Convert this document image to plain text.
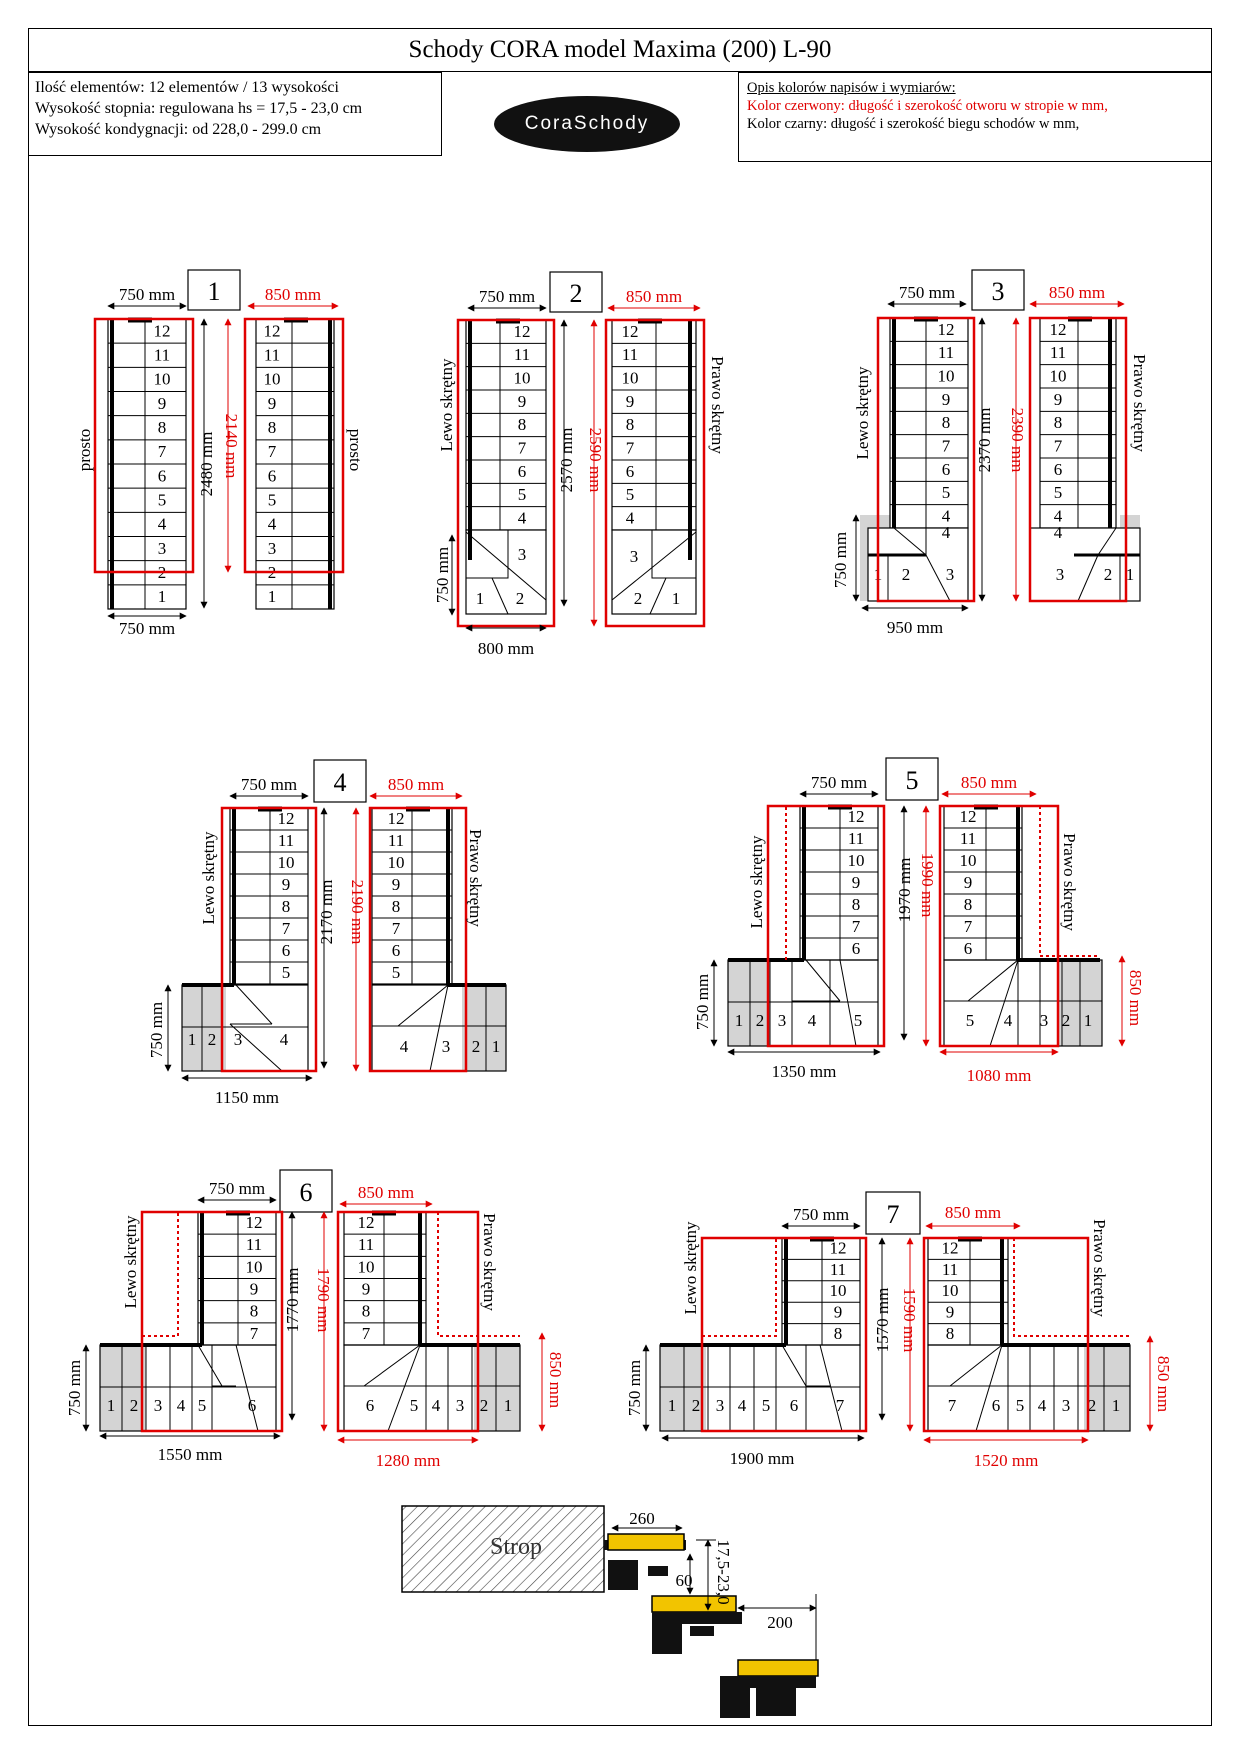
Schody CORA model Maxima (200) L-90
Ilość elementów: 12 elementów / 13 wysokości
Wysokość stopnia: regulowana hs = 17,5 - 23,0 cm
Wysokość kondygnacji: od 228,0 - 299.0 cm	CoraSchody
Opis kolorów napisów i wymiarów:
Kolor czerwony: długość i szerokość otworu w stropie w mm,
Kolor czarny: długość i szerokość biegu schodów w mm,
1
750 mm	850 mm
12
11
10
9
8
7
6
5
4
3
2
1
12
11
10
9
8
7
6
5
4
3
2
1
2480 mm 2140 mm
prosto	prosto
750 mm
2
750 mm	850 mm
12
11
10
9
8
7
6
5
4
3
1 2
12
11
10
9
8
7
6
5
4
3
2 1
2570 mm 2590 mm
Lewo skrętny	Prawo skrętny
750 mm
800 mm
3
750 mm	850 mm
12
11
10
9
8
7
6
5
4
1 2 3
4
12
11
10
9
8
7
6
5
4
3 2 1
4
2370 mm 2390 mm
Lewo skrętny	Prawo skrętny
750 mm
950 mm
4
750 mm	850 mm
12
11
10
9
8
7
6
5
1 2 3 4
12
11
10
9
8
7
6
5
4 3 2 1
2170 mm 2190 mm
Lewo skrętny	Prawo skrętny
750 mm
1150 mm
5
750 mm	850 mm
12
11
10
9
8
7
6
1 2 3 4 5
12
11
10
9
8
7
6
5 4 3 2 1
1970 mm 1990 mm
Lewo skrętny	Prawo skrętny
750 mm	850 mm
1350 mm	1080 mm
6
750 mm	850 mm
12
11
10
9
8
7
1 2 3 4 5 6
12
11
10
9
8
7
6 5 4 3 2 1
1770 mm 1790 mm
Lewo skrętny	Prawo skrętny
750 mm	850 mm
1550 mm	1280 mm
7
750 mm	850 mm
12
11
10
9
8
1 2 3 4 5 6 7
12
11
10
9
8
7 6 5 4 3 2 1
1570 mm 1590 mm
Lewo skrętny	Prawo skrętny
750 mm	850 mm
1900 mm	1520 mm
Strop
260
17,5-23,0
60
200
